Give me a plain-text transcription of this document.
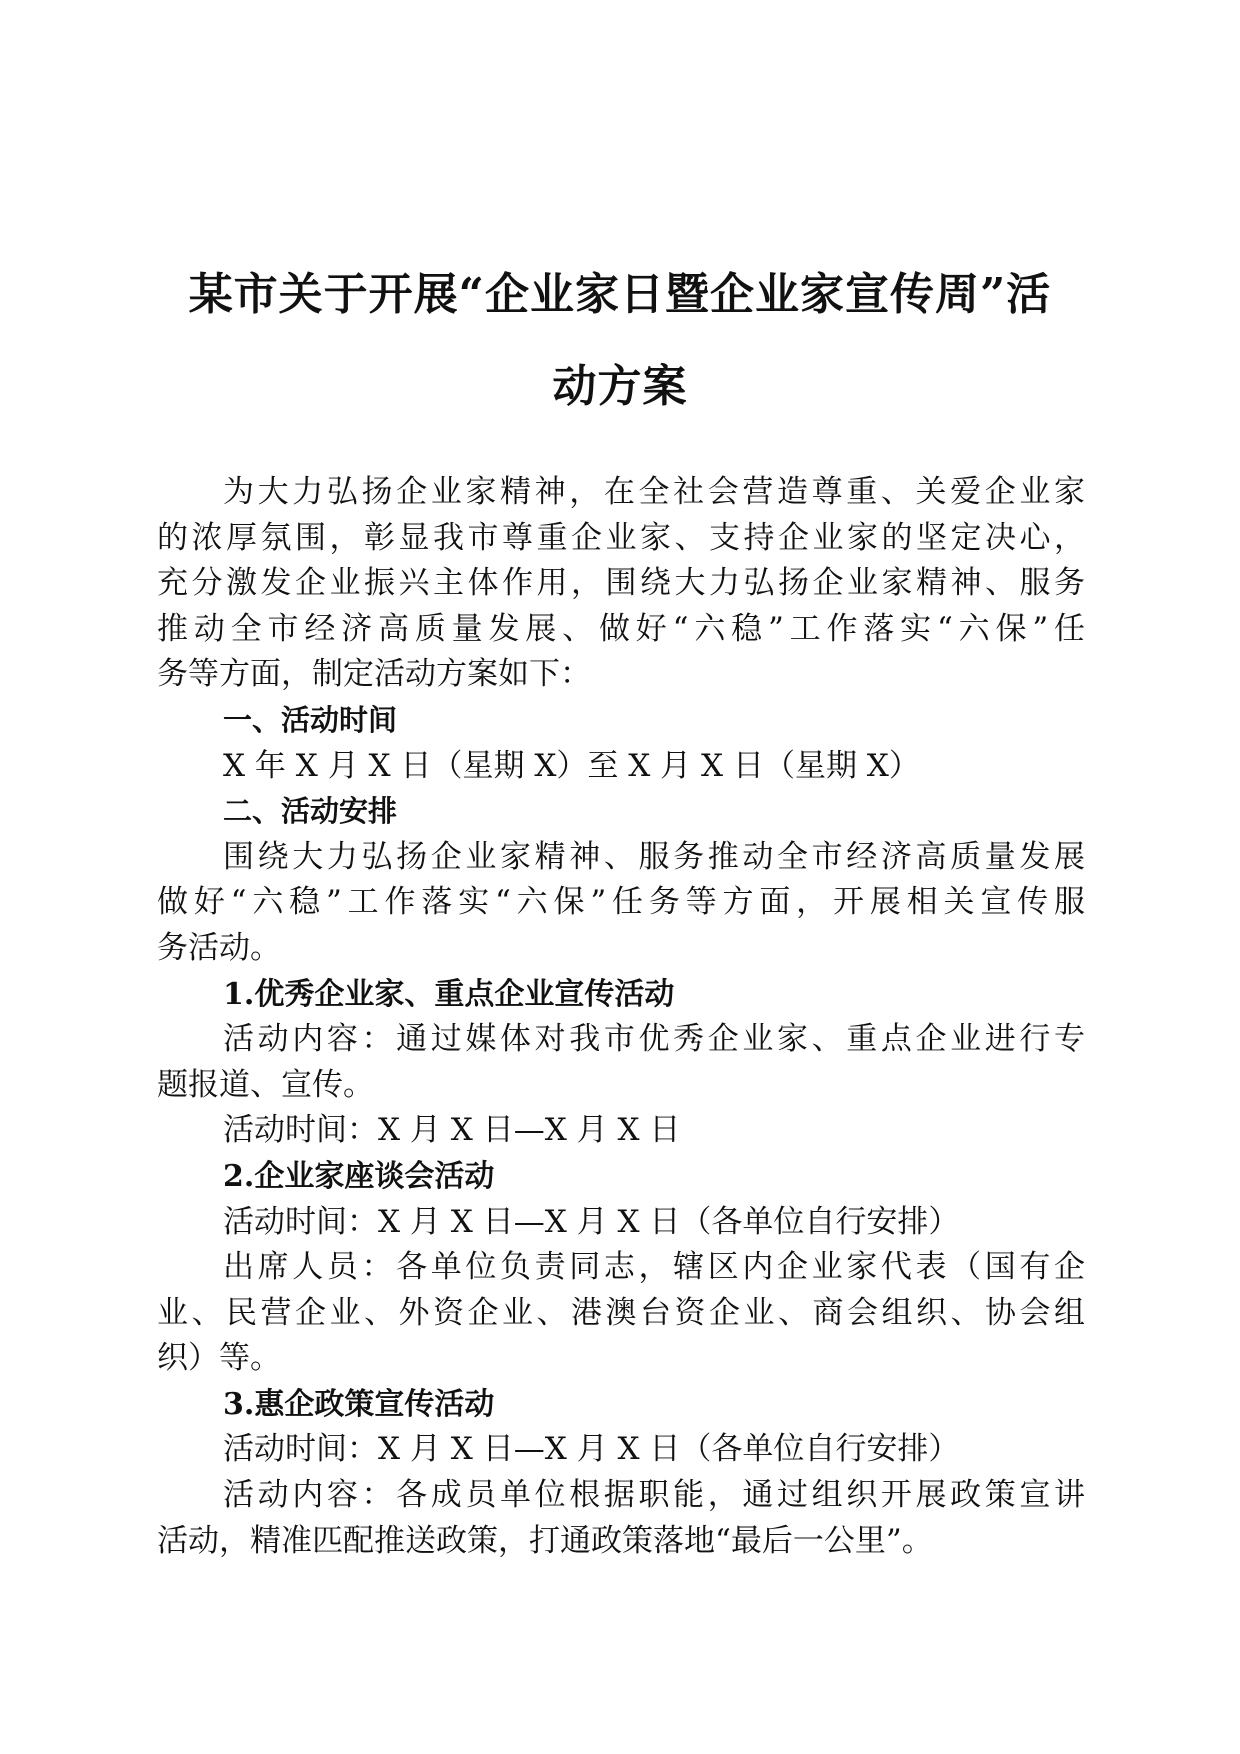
某市关于开展“企业家日暨企业家宣传周”活
动方案
为大力弘扬企业家精神，在全社会营造尊重、关爱企业家
的浓厚氛围，彰显我市尊重企业家、支持企业家的坚定决心，
充分激发企业振兴主体作用，围绕大力弘扬企业家精神、服务
推动全市经济高质量发展、做好“六稳”工作落实“六保”任
务等方面，制定活动方案如下：
一、活动时间
X 年 X 月 X 日（星期 X）至 X 月 X 日（星期 X）
二、活动安排
围绕大力弘扬企业家精神、服务推动全市经济高质量发展
做好“六稳”工作落实“六保”任务等方面，开展相关宣传服
务活动。
1.优秀企业家、重点企业宣传活动
活动内容：通过媒体对我市优秀企业家、重点企业进行专
题报道、宣传。
活动时间：X 月 X 日—X 月 X 日
2.企业家座谈会活动
活动时间：X 月 X 日—X 月 X 日（各单位自行安排）
出席人员：各单位负责同志，辖区内企业家代表（国有企
业、民营企业、外资企业、港澳台资企业、商会组织、协会组
织）等。
3.惠企政策宣传活动
活动时间：X 月 X 日—X 月 X 日（各单位自行安排）
活动内容：各成员单位根据职能，通过组织开展政策宣讲
活动，精准匹配推送政策，打通政策落地“最后一公里”。
